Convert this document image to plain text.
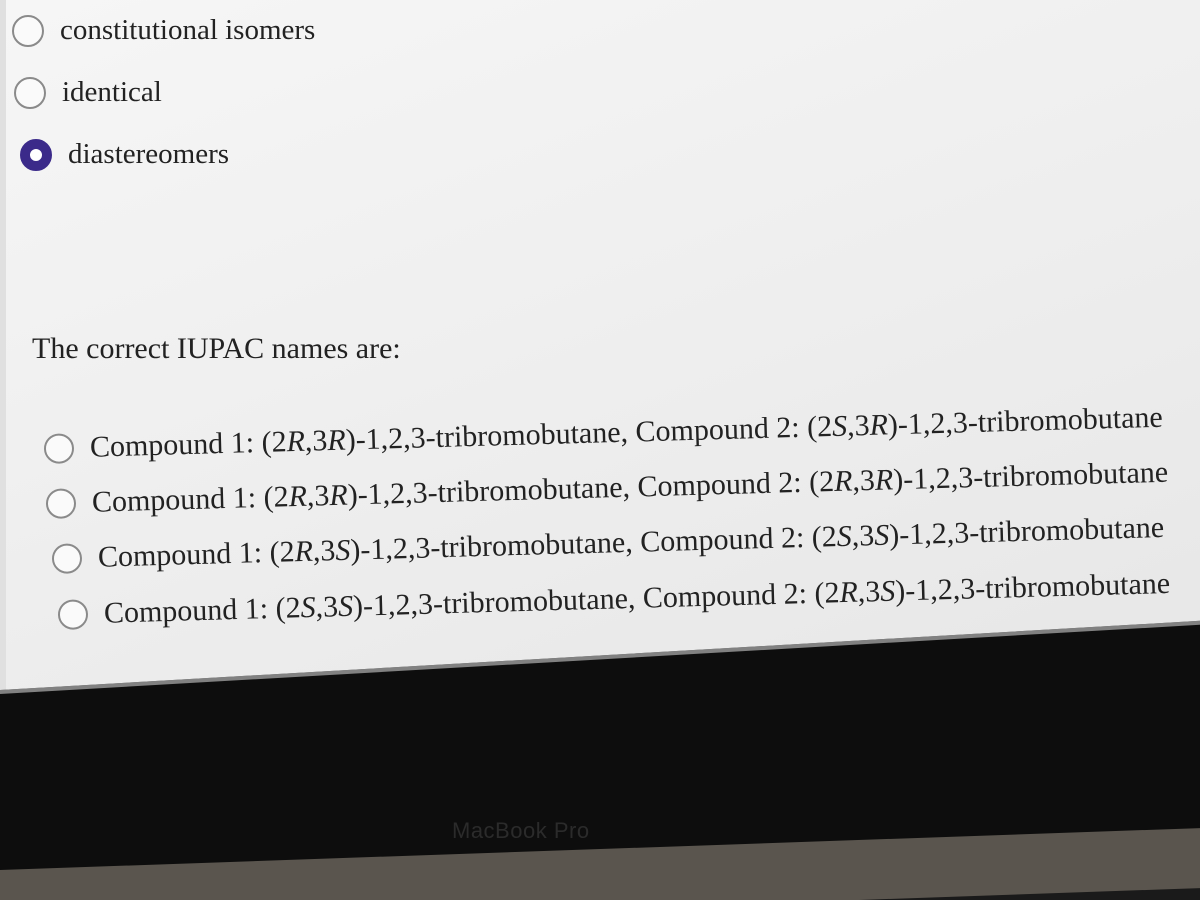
constitutional isomers
identical
diastereomers
The correct IUPAC names are:
Compound 1: (2R,3R)-1,2,3-tribromobutane, Compound 2: (2S,3R)-1,2,3-tribromobutane
Compound 1: (2R,3R)-1,2,3-tribromobutane, Compound 2: (2R,3R)-1,2,3-tribromobutane
Compound 1: (2R,3S)-1,2,3-tribromobutane, Compound 2: (2S,3S)-1,2,3-tribromobutane
Compound 1: (2S,3S)-1,2,3-tribromobutane, Compound 2: (2R,3S)-1,2,3-tribromobutane
MacBook Pro
